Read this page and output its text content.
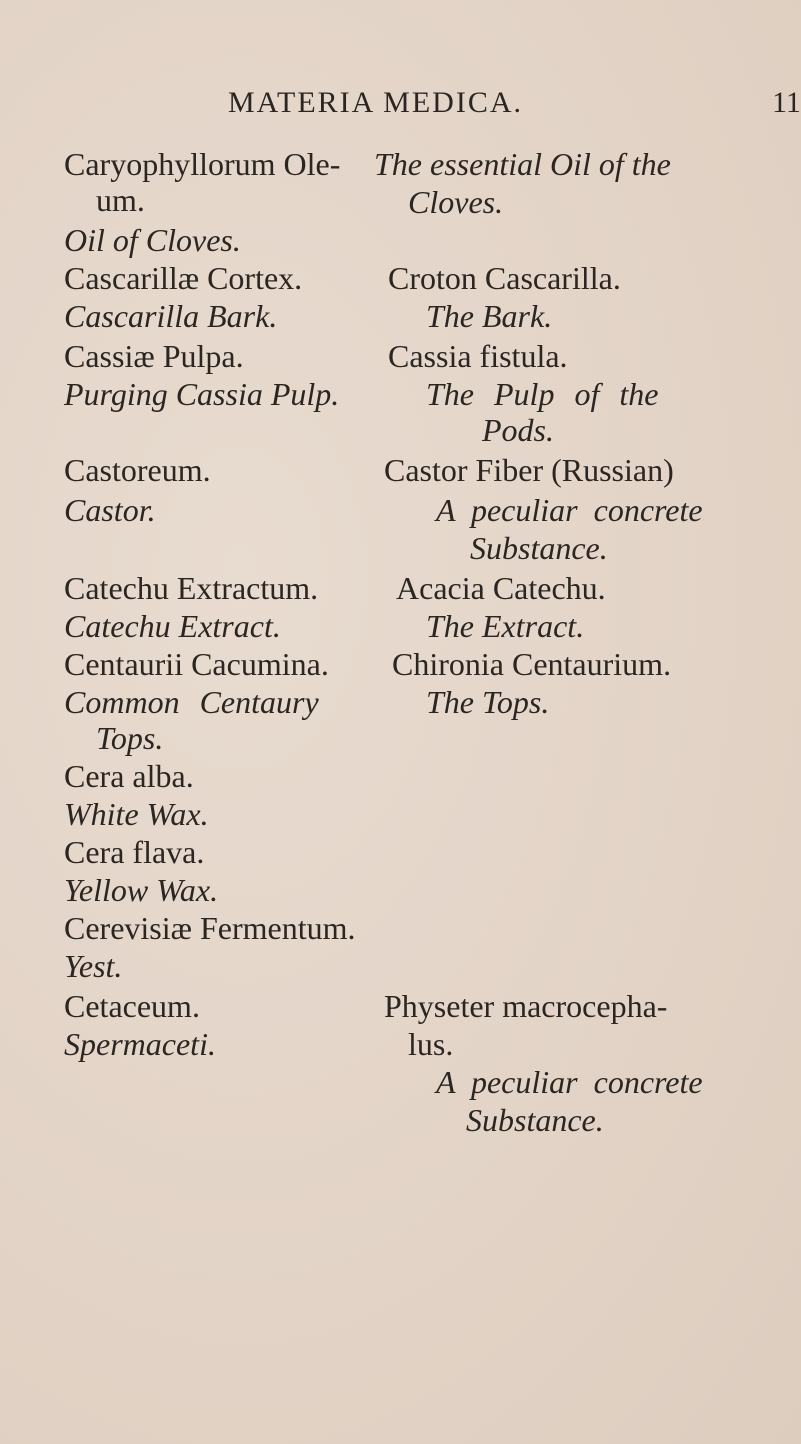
MATERIA MEDICA.	11
Caryophyllorum Ole-
um.
Oil of Cloves.
The essential Oil of the
Cloves.
Cascarillæ Cortex.
Cascarilla Bark.
Croton Cascarilla.
The Bark.
Cassiæ Pulpa.
Purging Cassia Pulp.
Cassia fistula.
The Pulp of the
Pods.
Castoreum.
Castor.
Castor Fiber (Russian)
A peculiar concrete
Substance.
Catechu Extractum.
Catechu Extract.
Acacia Catechu.
The Extract.
Centaurii Cacumina.
Common Centaury
Tops.
Chironia Centaurium.
The Tops.
Cera alba.
White Wax.
Cera flava.
Yellow Wax.
Cerevisiæ Fermentum.
Yest.
Cetaceum.
Spermaceti.
Physeter macrocepha-
lus.
A peculiar concrete
Substance.
